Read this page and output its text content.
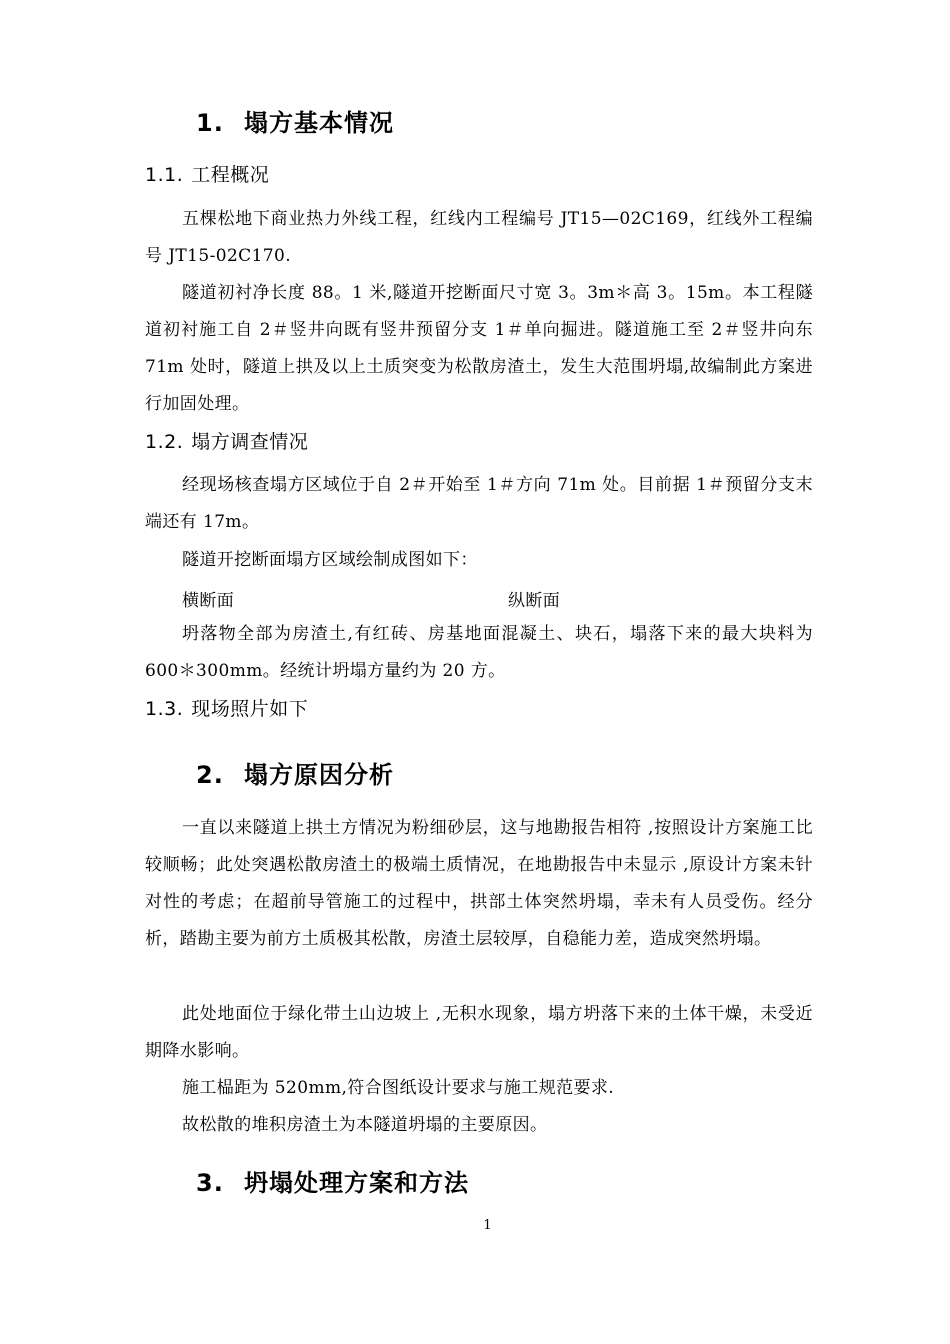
1. 塌方基本情况
1.1. 工程概况
五棵松地下商业热力外线工程，红线内工程编号 JT15—02C169，红线外工程编号 JT15-02C170.
隧道初衬净长度 88。1 米,隧道开挖断面尺寸宽 3。3m＊高 3。15m。本工程隧道初衬施工自 2＃竖井向既有竖井预留分支 1＃单向掘进。隧道施工至 2＃竖井向东 71m 处时，隧道上拱及以上土质突变为松散房渣土，发生大范围坍塌,故编制此方案进行加固处理。
1.2. 塌方调查情况
经现场核查塌方区域位于自 2＃开始至 1＃方向 71m 处。目前据 1＃预留分支末端还有 17m。
隧道开挖断面塌方区域绘制成图如下：
横断面	纵断面
坍落物全部为房渣土,有红砖、房基地面混凝土、块石，塌落下来的最大块料为 600＊300mm。经统计坍塌方量约为 20 方。
1.3. 现场照片如下
2. 塌方原因分析
一直以来隧道上拱土方情况为粉细砂层，这与地勘报告相符 ,按照设计方案施工比较顺畅；此处突遇松散房渣土的极端土质情况，在地勘报告中未显示 ,原设计方案未针对性的考虑；在超前导管施工的过程中，拱部土体突然坍塌，幸未有人员受伤。经分析，踏勘主要为前方土质极其松散，房渣土层较厚，自稳能力差，造成突然坍塌。
此处地面位于绿化带土山边坡上 ,无积水现象，塌方坍落下来的土体干燥，未受近期降水影响。
施工榀距为 520mm,符合图纸设计要求与施工规范要求.
故松散的堆积房渣土为本隧道坍塌的主要原因。
3. 坍塌处理方案和方法
1
